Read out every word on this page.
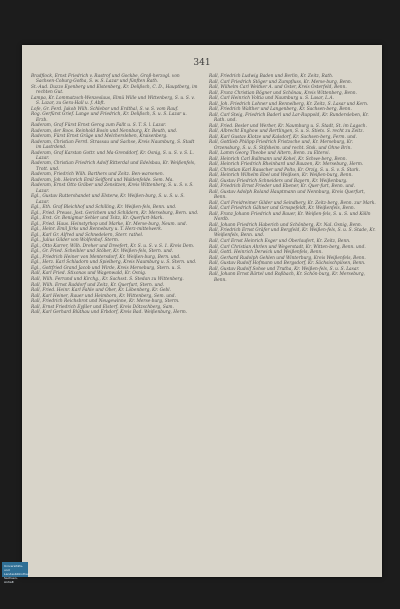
341
Bradflock, Ernst Friedrich v. Rastrof und Gockbe, Groß-herzogl. von Sachsen-Coburg-Gotha, S. w. S. Lazar und fünften Rath.
St.-Aud. Duzzo Eyenberg und Elstenberg, Kr. Delißsch, C. D., Hauptberg, im rechten Gut.
Lampa, Kr. Lommatzsch-Wenzeslaus, Elmü Wille und Wittenberg, S. u. S. v. S. Lazar, zu Gera-Hall u. f. Abft.
Lofe, Gr. Ferd. Jakob Wilh. Schlebor und Erdthal, S. w. S. vom Rauf.
Rog. Gerfürst Grief. Lange und Friedrich, Kr. Delißsch, S. u. S. Lazar u. Erzb.
Raderam, Graf Fürst Ernst Gerog zum Fallt u. S. T. S. l. Lazar.
Raderam, der Roos. Reinhold Bosin und Nennburg, Kr. Beuth, und.
Raderam, Fürst Ernst Gräge und Melchersleben, Kraisenberg.
Raderam, Christian Ferrd. Strassau und Sachse, Kreis Naumburg, S. Stadt im Lastrdend.
Raderam, Graf Karstan Gottr. und Ma-Grenddorf, Kr. Osnig, S. u. S. v. S. L. Lazar.
Raderam, Christian Friedrich Adolf Ritterdal und Edelsbau, Kr. Weißenfels, Trott. und.
Raderam, Friedrich Wilh. Barthers und Zeitz. Ben-warsenen.
Raderam, Joh. Heinrich Emil Seifford und Waldenfelde. Sem. Ma.
Raderam, Ernst Otto Gräber und Zensitzen, Kreis Wittenberg, S. u. S. v. S. Lazar.
Egl., Gustav Ruttershandet und Elsterw, Kr. Weißen-burg, S. u. S. u. S. Lazar.
Egl., Eth. Graf Bleichhof und Schilling, Kr. Weißen-fels, Benn. und.
Egl., Fried. Preuss. Jost. Gerichem und Schildern, Kr. Merseburg, Bern. und.
Egl., Erst. Gr. Benigmar Sehler und Tsitz, Kr. Querfurt-Mark.
Egl., Fried. Haus. Heinstyrhop und Marke, Kr. Merse-burg, Neum. und.
Egl., Heinr. Emil Jirks und Rennebury u. T. Herz-mittelwerk.
Egl., Karl Gr. Alfred und Schnedelern, Sterr. rathel.
Egl., Julius Gilder von Wolfenhof. Sterm.
Egl., Otto Karrer, Wilh. Dreher und Dreefert, Kr. S. u. S. v. S. 1. Kreis Dem.
Egl., Gr. Fried. Scheibler und Stöber, Kr. Weißen-fels, Stern. und.
Egl., Friedrich Heiner von Mentersdorf, Kr. Weißen-burg, Bern. und.
Egl., Herz. Karl Schladorn und Spielberg, Kreis Naumburg u. S. Stern. und.
Egl., Gottfried Grand Jacob und Wirde, Kreis Merseburg, Stern. u. S.
Rall, Karl Fried. Stixonas und Wagenwald, Kr. Osnig.
Rall, Wilh. Ferrand und Kirchg., Kr. Sachsst. S. Stedan zu Wittenberg.
Rall, Wilh. Ernst Raddorf und Zeitz, Kr. Querfurt, Stern. und.
Rall, Fried. Heinr. Karl Fahle und Ober, Kr. Löbenberg, Kr. Gebl.
Rall, Karl Heiner, Rauer und Heimborn, Kr. Wittenberg, Sem. und.
Rall, Friedrich Reichsbrot und Neugewinne, Kr. Merse-burg, Sterm.
Rall, Ernst Friedrich Eyßler und Elsterf. Kreis Dötzschberg, Sam.
Rall, Karl Gerhard Blüthau und Erbdorf, Kreis Bad. Weißenburg, Herm.
Rall, Friedrich Ludwig Baden und Berlin, Kr. Zeitz, Rath.
Rall, Carl Friedrich Stöger und Zumpfluss, Kr. Merse-burg, Benn.
Rall, Wilhelm Carl Weitker A. und Oster, Kreis Osterfeld, Benn.
Rall, Franz Christian Bögner und Schönau, Kreis Wittenberg, Benn.
Rall, Carl Heinrich Voltia und Naumburg u. S. Lasar, L.A.
Rall, Joh. Friedrich Lohner und Rennelberg, Kr. Zeitz, S. Lasar und Kern.
Rall, Friedrich Walther und Langenberg, Kr. Sachsen-berg, Benn.
Rall, Carl Steig, Friedrich Baderl und Lar-Ruppold, Kr. Rundersleben, Kr. Rath. und.
Rall, Fried. Besler und Werber, Kr. Naumburg u. S. Stadt, St. im Lagsch.
Rall, Albrecht Enghow und Rertlingen, S. u. S. Stiets. S. recht zu Zeitz.
Rall, Karl Gustav Klotze und Kalsdorf, Kr. Sachsen-berg, Ferm. und.
Rall, Gottlieb Philipp Friedrich Fristzsche und, Kr. Merseburg, Kr. Orzensburg, S. u. S. Stifsheim. und recht. Stsk. und Ohne Brin.
Rall, Lamm Georg Theobe und Altern, Benn. zu Elteroi.
Rall, Heinrich Carl Ballmann und Kohel, Kr. Schwe-berg, Benn.
Rall, Heinrich Friedrich Rheinhard und Bauzen, Kr. Merseburg, Herm.
Rall, Christian Karl Rauscher und Polto, Kr. Orzig, S. u. S. v. S. Stark.
Rall, Heinrich Wilhelm Ebel und Weißsen, Kr. Weißen-burg, Benn.
Rall, Gustav Friedrich Schneiders und Bayern, Kr. Weißenburg.
Rall, Friedrich Ernst Frieder und Ebener, Kr. Quer-furt, Benn. und.
Rall, Gustav Adolph Roland Hauptmann und Nennburg, Kreis Querfurt, Benn.
Rall, Carl Freidreimer Gilder und Seindbery, Kr. Zeitz-berg, Benn. zur Mark.
Rall, Carl Friedrich Gähner und Grnspefeldt, Kr. Weißenfels, Benn.
Rall, Franz Johann Friedrich und Bauer, Kr. Weißen-fels, S. u. S. und Kölln Nordb.
Rall, Johann Friedrich Haberich und Schönberg, Kr. Nal. Osnig, Benn.
Rall, Friedrich Ernst Gräfer und Bergfeld, Kr. Weißen-fels, S. u. S. Stade, Kr. Weißenfels, Benn. und.
Rall, Carl Ernst Heinrich Esger und Oberlaufert, Kr. Zeitz, Benn.
Rall, Carl Christian Ahrlen und Wegerstadt, Kr. Witten-berg, Benn. und.
Rall, Gottl. Heinrich Derwick und Weißenfels, Benn.
Rall, Gerhard Rudolph Gehlen und Winterburg, Kreis Weißenfels, Benn.
Rall, Gustav Rudolf Hofmann und Bergsdorf, Kr. Sächsischpilsen, Benn.
Rall, Gustav Rudolf Sohse und Trutha, Kr. Weißen-fels, S. u. S. Lasar.
Rall, Johann Ernst Bärtel und Roßbach, Kr. Schön-burg, Kr. Merseburg, Benn.
Universitäts- und
Landesbibliothek
Sachsen-Anhalt
